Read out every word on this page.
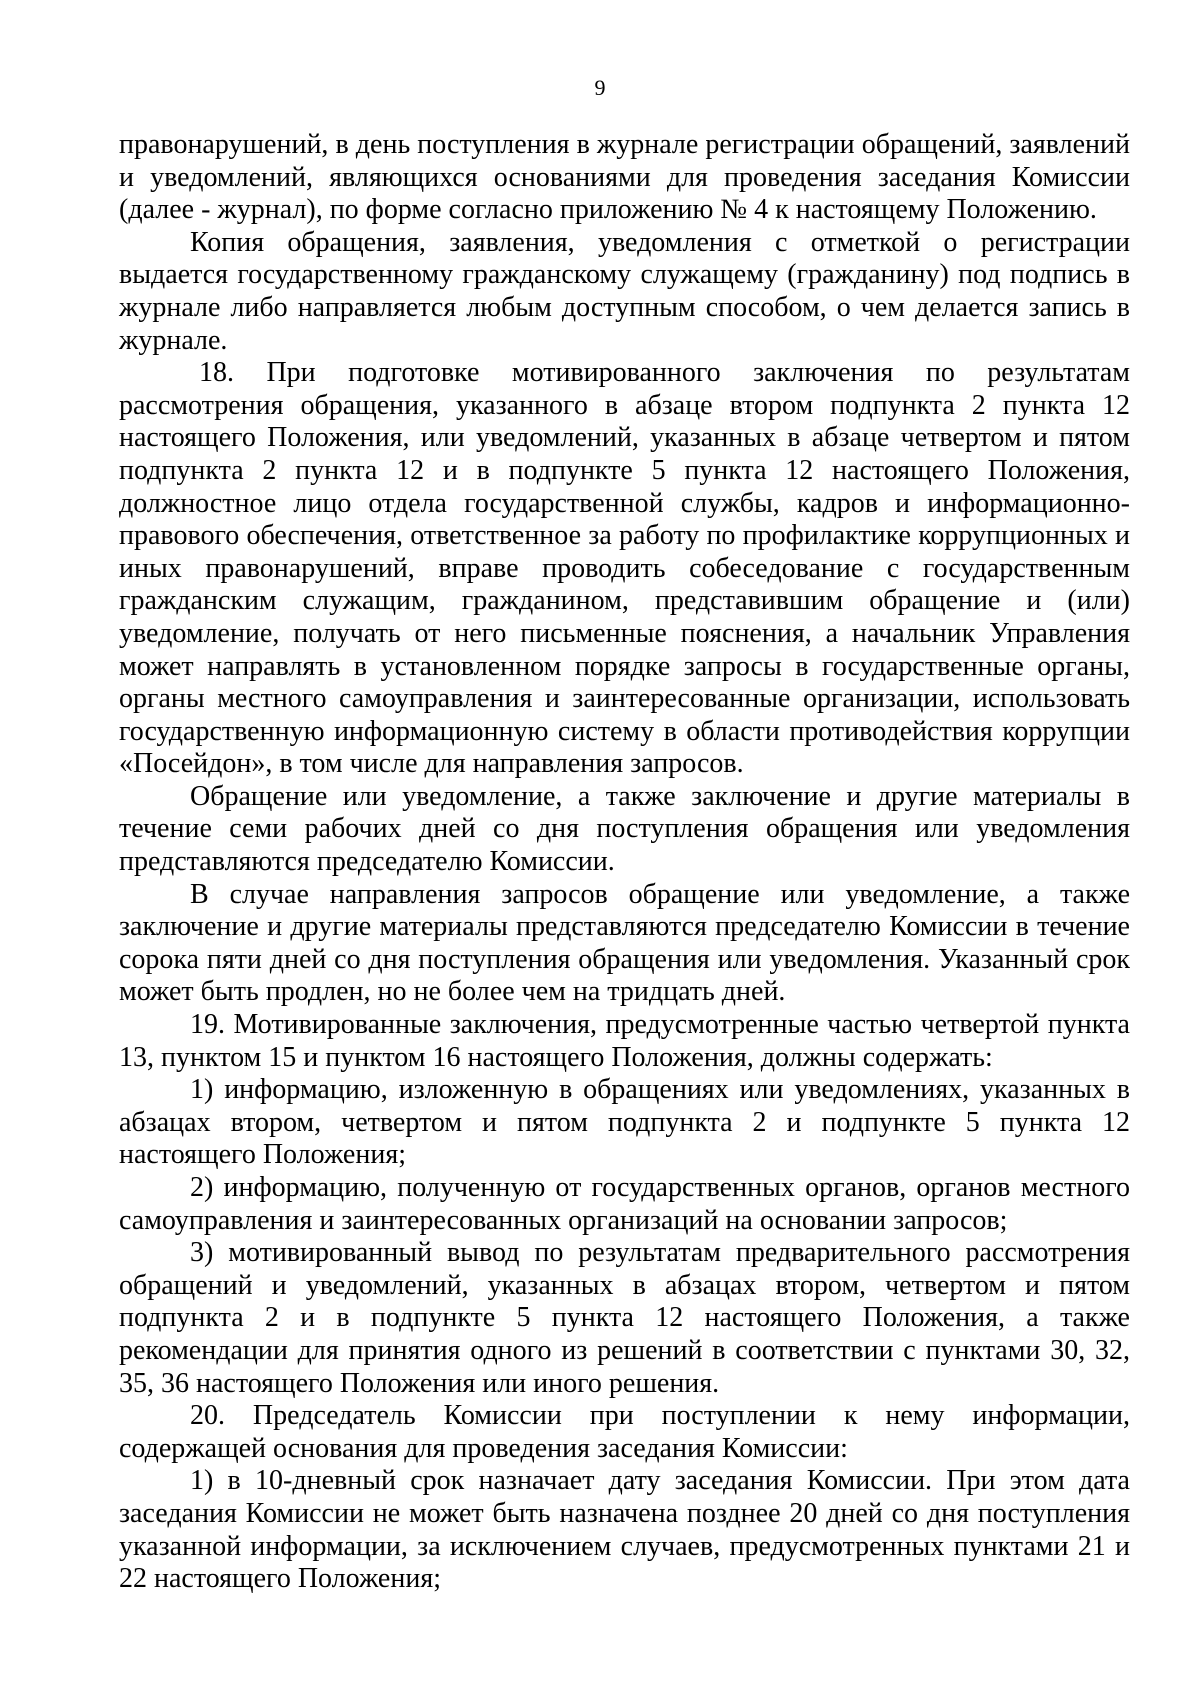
9

правонарушений, в день поступления в журнале регистрации обращений, заявлений и уведомлений, являющихся основаниями для проведения заседания Комиссии (далее - журнал), по форме согласно приложению № 4 к настоящему Положению.

Копия обращения, заявления, уведомления с отметкой о регистрации выдается государственному гражданскому служащему (гражданину) под подпись в журнале либо направляется любым доступным способом, о чем делается запись в журнале.

18. При подготовке мотивированного заключения по результатам рассмотрения обращения, указанного в абзаце втором подпункта 2 пункта 12 настоящего Положения, или уведомлений, указанных в абзаце четвертом и пятом подпункта 2 пункта 12 и в подпункте 5 пункта 12 настоящего Положения, должностное лицо отдела государственной службы, кадров и информационно-правового обеспечения, ответственное за работу по профилактике коррупционных и иных правонарушений, вправе проводить собеседование с государственным гражданским служащим, гражданином, представившим обращение и (или) уведомление, получать от него письменные пояснения, а начальник Управления может направлять в установленном порядке запросы в государственные органы, органы местного самоуправления и заинтересованные организации, использовать государственную информационную систему в области противодействия коррупции «Посейдон», в том числе для направления запросов.

Обращение или уведомление, а также заключение и другие материалы в течение семи рабочих дней со дня поступления обращения или уведомления представляются председателю Комиссии.

В случае направления запросов обращение или уведомление, а также заключение и другие материалы представляются председателю Комиссии в течение сорока пяти дней со дня поступления обращения или уведомления. Указанный срок может быть продлен, но не более чем на тридцать дней.

19. Мотивированные заключения, предусмотренные частью четвертой пункта 13, пунктом 15 и пунктом 16 настоящего Положения, должны содержать:

1) информацию, изложенную в обращениях или уведомлениях, указанных в абзацах втором, четвертом и пятом подпункта 2 и подпункте 5 пункта 12 настоящего Положения;

2) информацию, полученную от государственных органов, органов местного самоуправления и заинтересованных организаций на основании запросов;

3) мотивированный вывод по результатам предварительного рассмотрения обращений и уведомлений, указанных в абзацах втором, четвертом и пятом подпункта 2 и в подпункте 5 пункта 12 настоящего Положения, а также рекомендации для принятия одного из решений в соответствии с пунктами 30, 32, 35, 36 настоящего Положения или иного решения.

20. Председатель Комиссии при поступлении к нему информации, содержащей основания для проведения заседания Комиссии:

1) в 10-дневный срок назначает дату заседания Комиссии. При этом дата заседания Комиссии не может быть назначена позднее 20 дней со дня поступления указанной информации, за исключением случаев, предусмотренных пунктами 21 и 22 настоящего Положения;
